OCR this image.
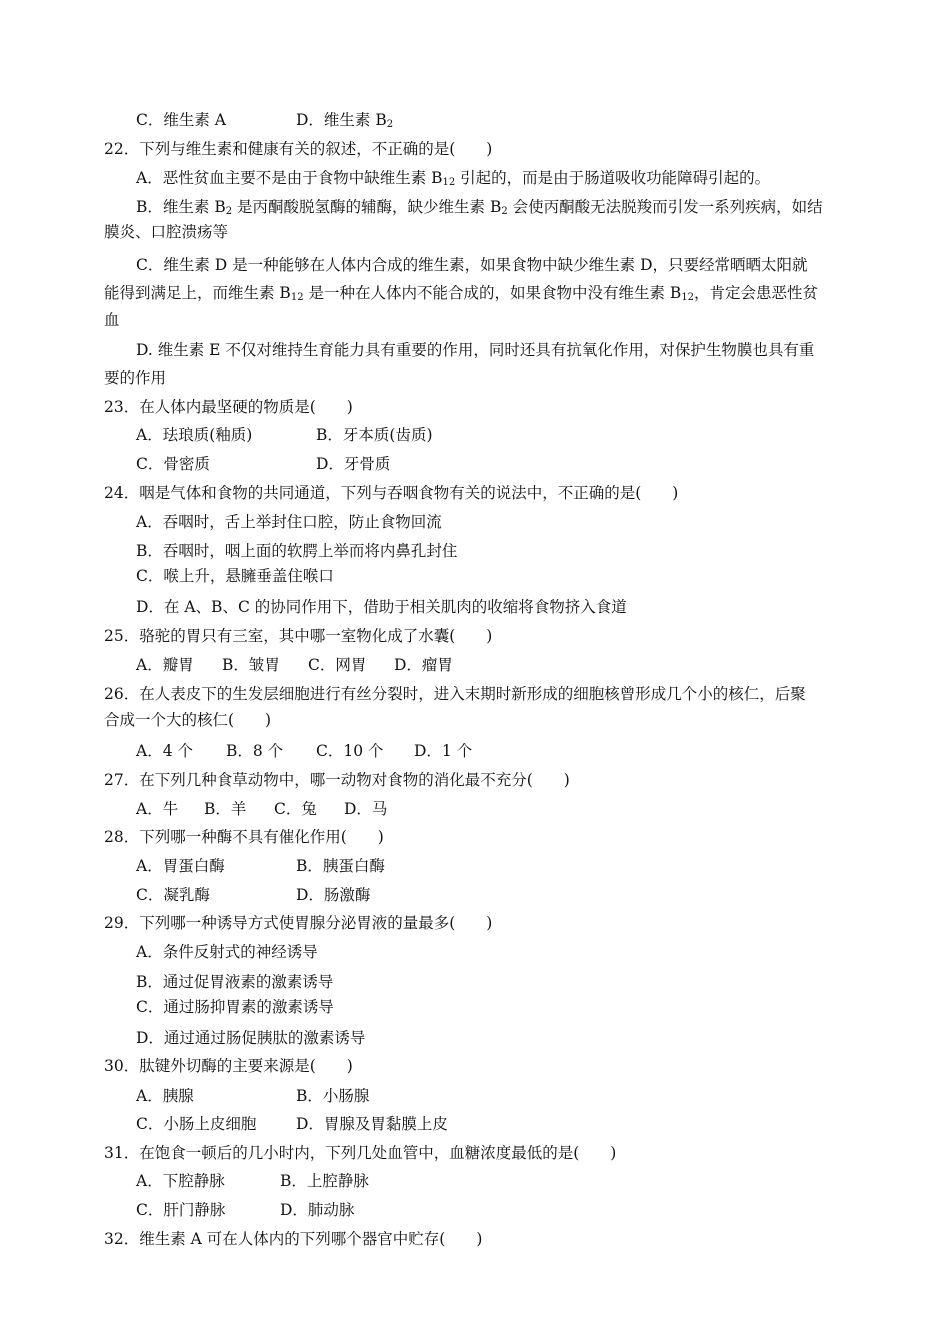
C．维生素 A	D．维生素 $B_2$
22．下列与维生素和健康有关的叙述，不正确的是(　　)
A．恶性贫血主要不是由于食物中缺维生素 $B_{12}$ 引起的，而是由于肠道吸收功能障碍引起的。
B．维生素 $B_2$ 是丙酮酸脱氢酶的辅酶，缺少维生素 $B_2$ 会使丙酮酸无法脱羧而引发一系列疾病，如结
膜炎、口腔溃疡等
C．维生素 D 是一种能够在人体内合成的维生素，如果食物中缺少维生素 D，只要经常晒晒太阳就
能得到满足上，而维生素 $B_{12}$ 是一种在人体内不能合成的，如果食物中没有维生素 $B_{12}$，肯定会患恶性贫
血
D. 维生素 E 不仅对维持生育能力具有重要的作用，同时还具有抗氧化作用，对保护生物膜也具有重
要的作用
23．在人体内最坚硬的物质是(　　)
A．珐琅质(釉质)	B．牙本质(齿质)
C．骨密质	D．牙骨质
24．咽是气体和食物的共同通道，下列与吞咽食物有关的说法中，不正确的是(　　)
A．吞咽时，舌上举封住口腔，防止食物回流
B．吞咽时，咽上面的软腭上举而将内鼻孔封住
C．喉上升，悬臃垂盖住喉口
D．在 A、B、C 的协同作用下，借助于相关肌肉的收缩将食物挤入食道
25．骆驼的胃只有三室，其中哪一室物化成了水囊(　　)
A．瓣胃 B．皱胃 C．网胃 D．瘤胃
26．在人表皮下的生发层细胞进行有丝分裂时，进入末期时新形成的细胞核曾形成几个小的核仁，后聚
合成一个大的核仁(　　)
A．4 个 B．8 个 C．10 个 D．1 个
27．在下列几种食草动物中，哪一动物对食物的消化最不充分(　　)
A．牛 B．羊 C．兔 D．马
28．下列哪一种酶不具有催化作用(　　)
A．胃蛋白酶	B．胰蛋白酶
C．凝乳酶	D．肠激酶
29．下列哪一种诱导方式使胃腺分泌胃液的量最多(　　)
A．条件反射式的神经诱导
B．通过促胃液素的激素诱导
C．通过肠抑胃素的激素诱导
D．通过通过肠促胰肽的激素诱导
30．肽键外切酶的主要来源是(　　)
A．胰腺	B．小肠腺
C．小肠上皮细胞	D．胃腺及胃黏膜上皮
31．在饱食一顿后的几小时内，下列几处血管中，血糖浓度最低的是(　　)
A．下腔静脉	B．上腔静脉
C．肝门静脉	D．肺动脉
32．维生素 A 可在人体内的下列哪个器官中贮存(　　)
